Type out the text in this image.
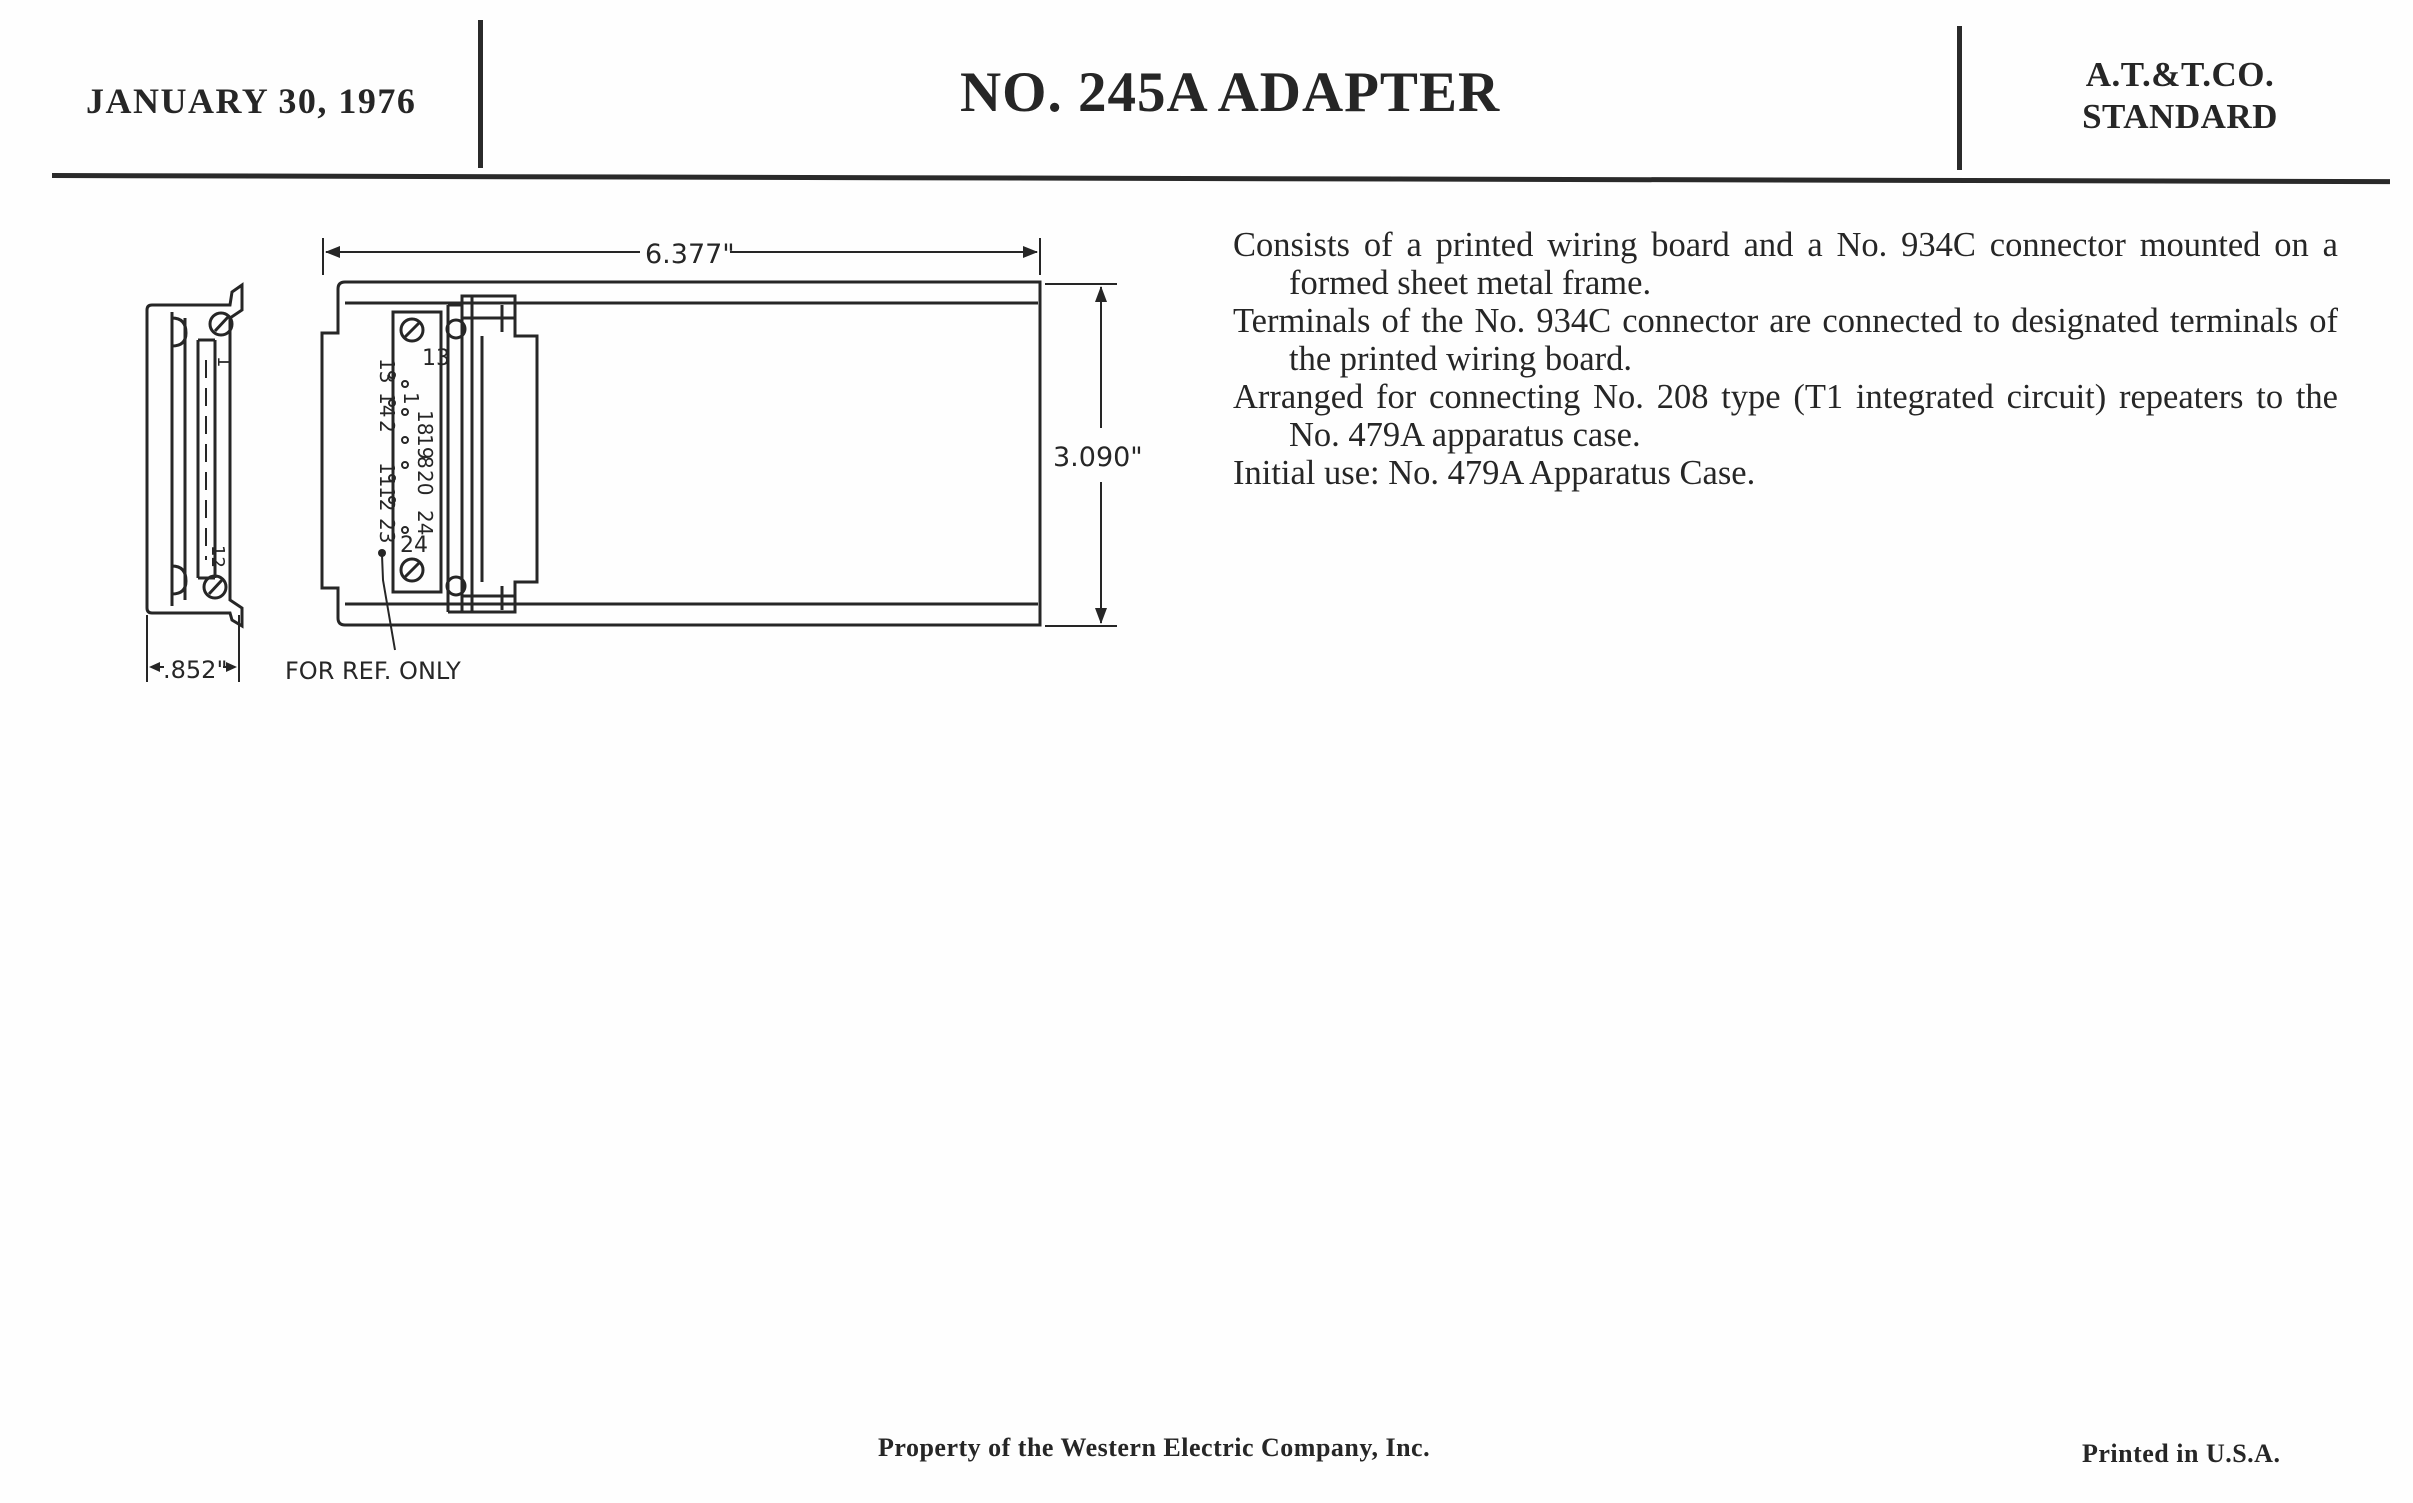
JANUARY 30, 1976	NO. 245A ADAPTER	A.T.&T.CO.
STANDARD
6.377"
3.090"
.852" FOR REF. ONLY
1
12
13
13
14 1
2 18
19
8
20
11
12
23 24
24

Consists of a printed wiring board and a No. 934C connector mounted on a formed sheet metal frame.

Terminals of the No. 934C connector are connected to designated terminals of the printed wiring board.

Arranged for connecting No. 208 type (T1 integrated circuit) repeaters to the No. 479A apparatus case.

Initial use: No. 479A Apparatus Case.

Property of the Western Electric Company, Inc.	Printed in U.S.A.
